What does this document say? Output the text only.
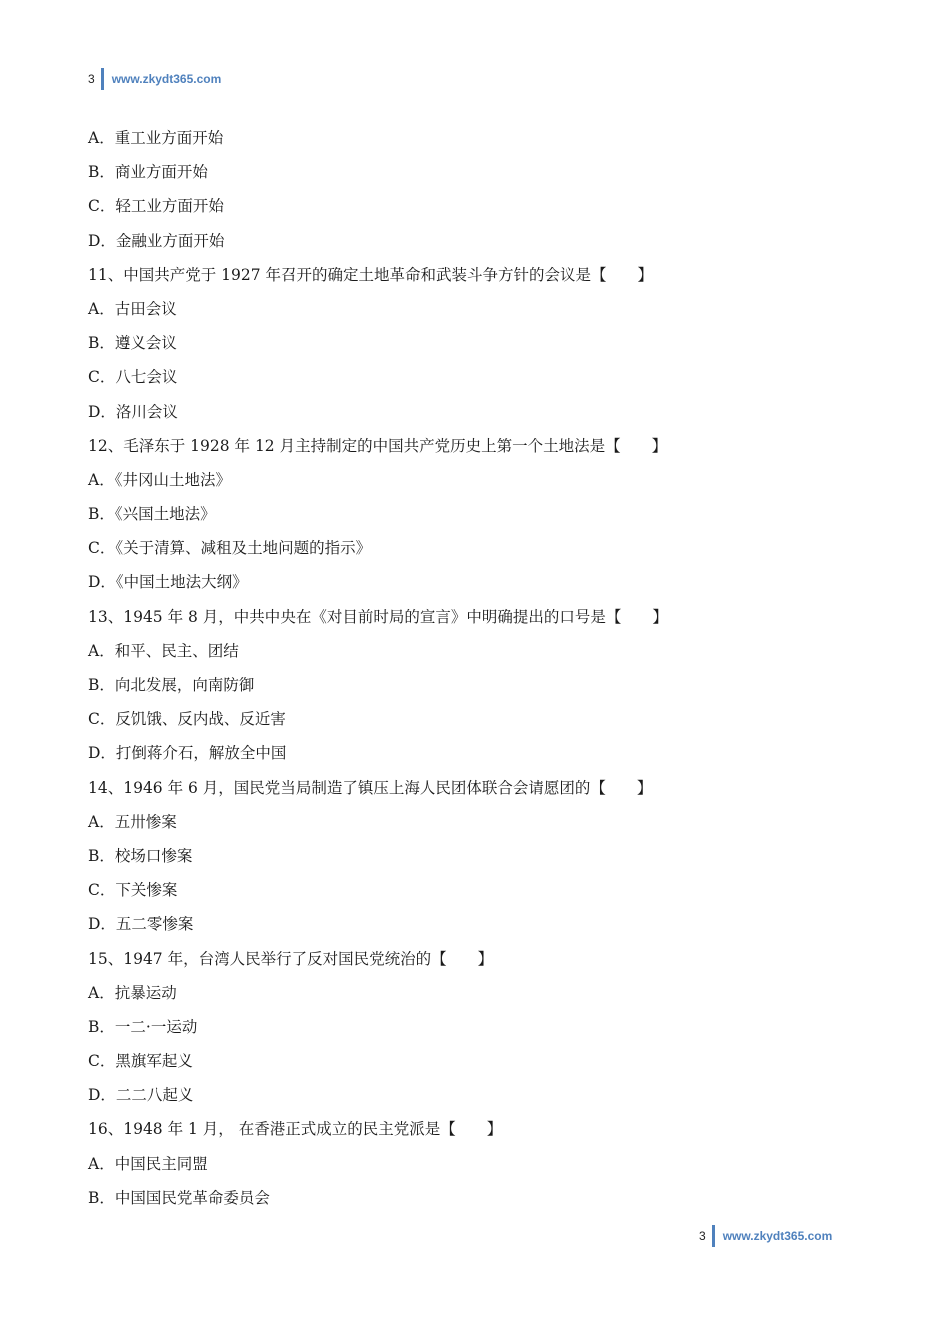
3 www.zkydt365.com
A．重工业方面开始
B．商业方面开始
C．轻工业方面开始
D．金融业方面开始
11、中国共产党于 1927 年召开的确定土地革命和武装斗争方针的会议是【　　】
A．古田会议
B．遵义会议
C．八七会议
D．洛川会议
12、毛泽东于 1928 年 12 月主持制定的中国共产党历史上第一个土地法是【　　】
A．《井冈山土地法》
B．《兴国土地法》
C．《关于清算、减租及土地问题的指示》
D．《中国土地法大纲》
13、1945 年 8 月，中共中央在《对目前时局的宣言》中明确提出的口号是【　　】
A．和平、民主、团结
B．向北发展，向南防御
C．反饥饿、反内战、反近害
D．打倒蒋介石，解放全中国
14、1946 年 6 月，国民党当局制造了镇压上海人民团体联合会请愿团的【　　】
A．五卅惨案
B．校场口惨案
C．下关惨案
D．五二零惨案
15、1947 年，台湾人民举行了反对国民党统治的【　　】
A．抗暴运动
B．一二·一运动
C．黑旗军起义
D．二二八起义
16、1948 年 1 月， 在香港正式成立的民主党派是【　　】
A．中国民主同盟
B．中国国民党革命委员会
3 www.zkydt365.com
